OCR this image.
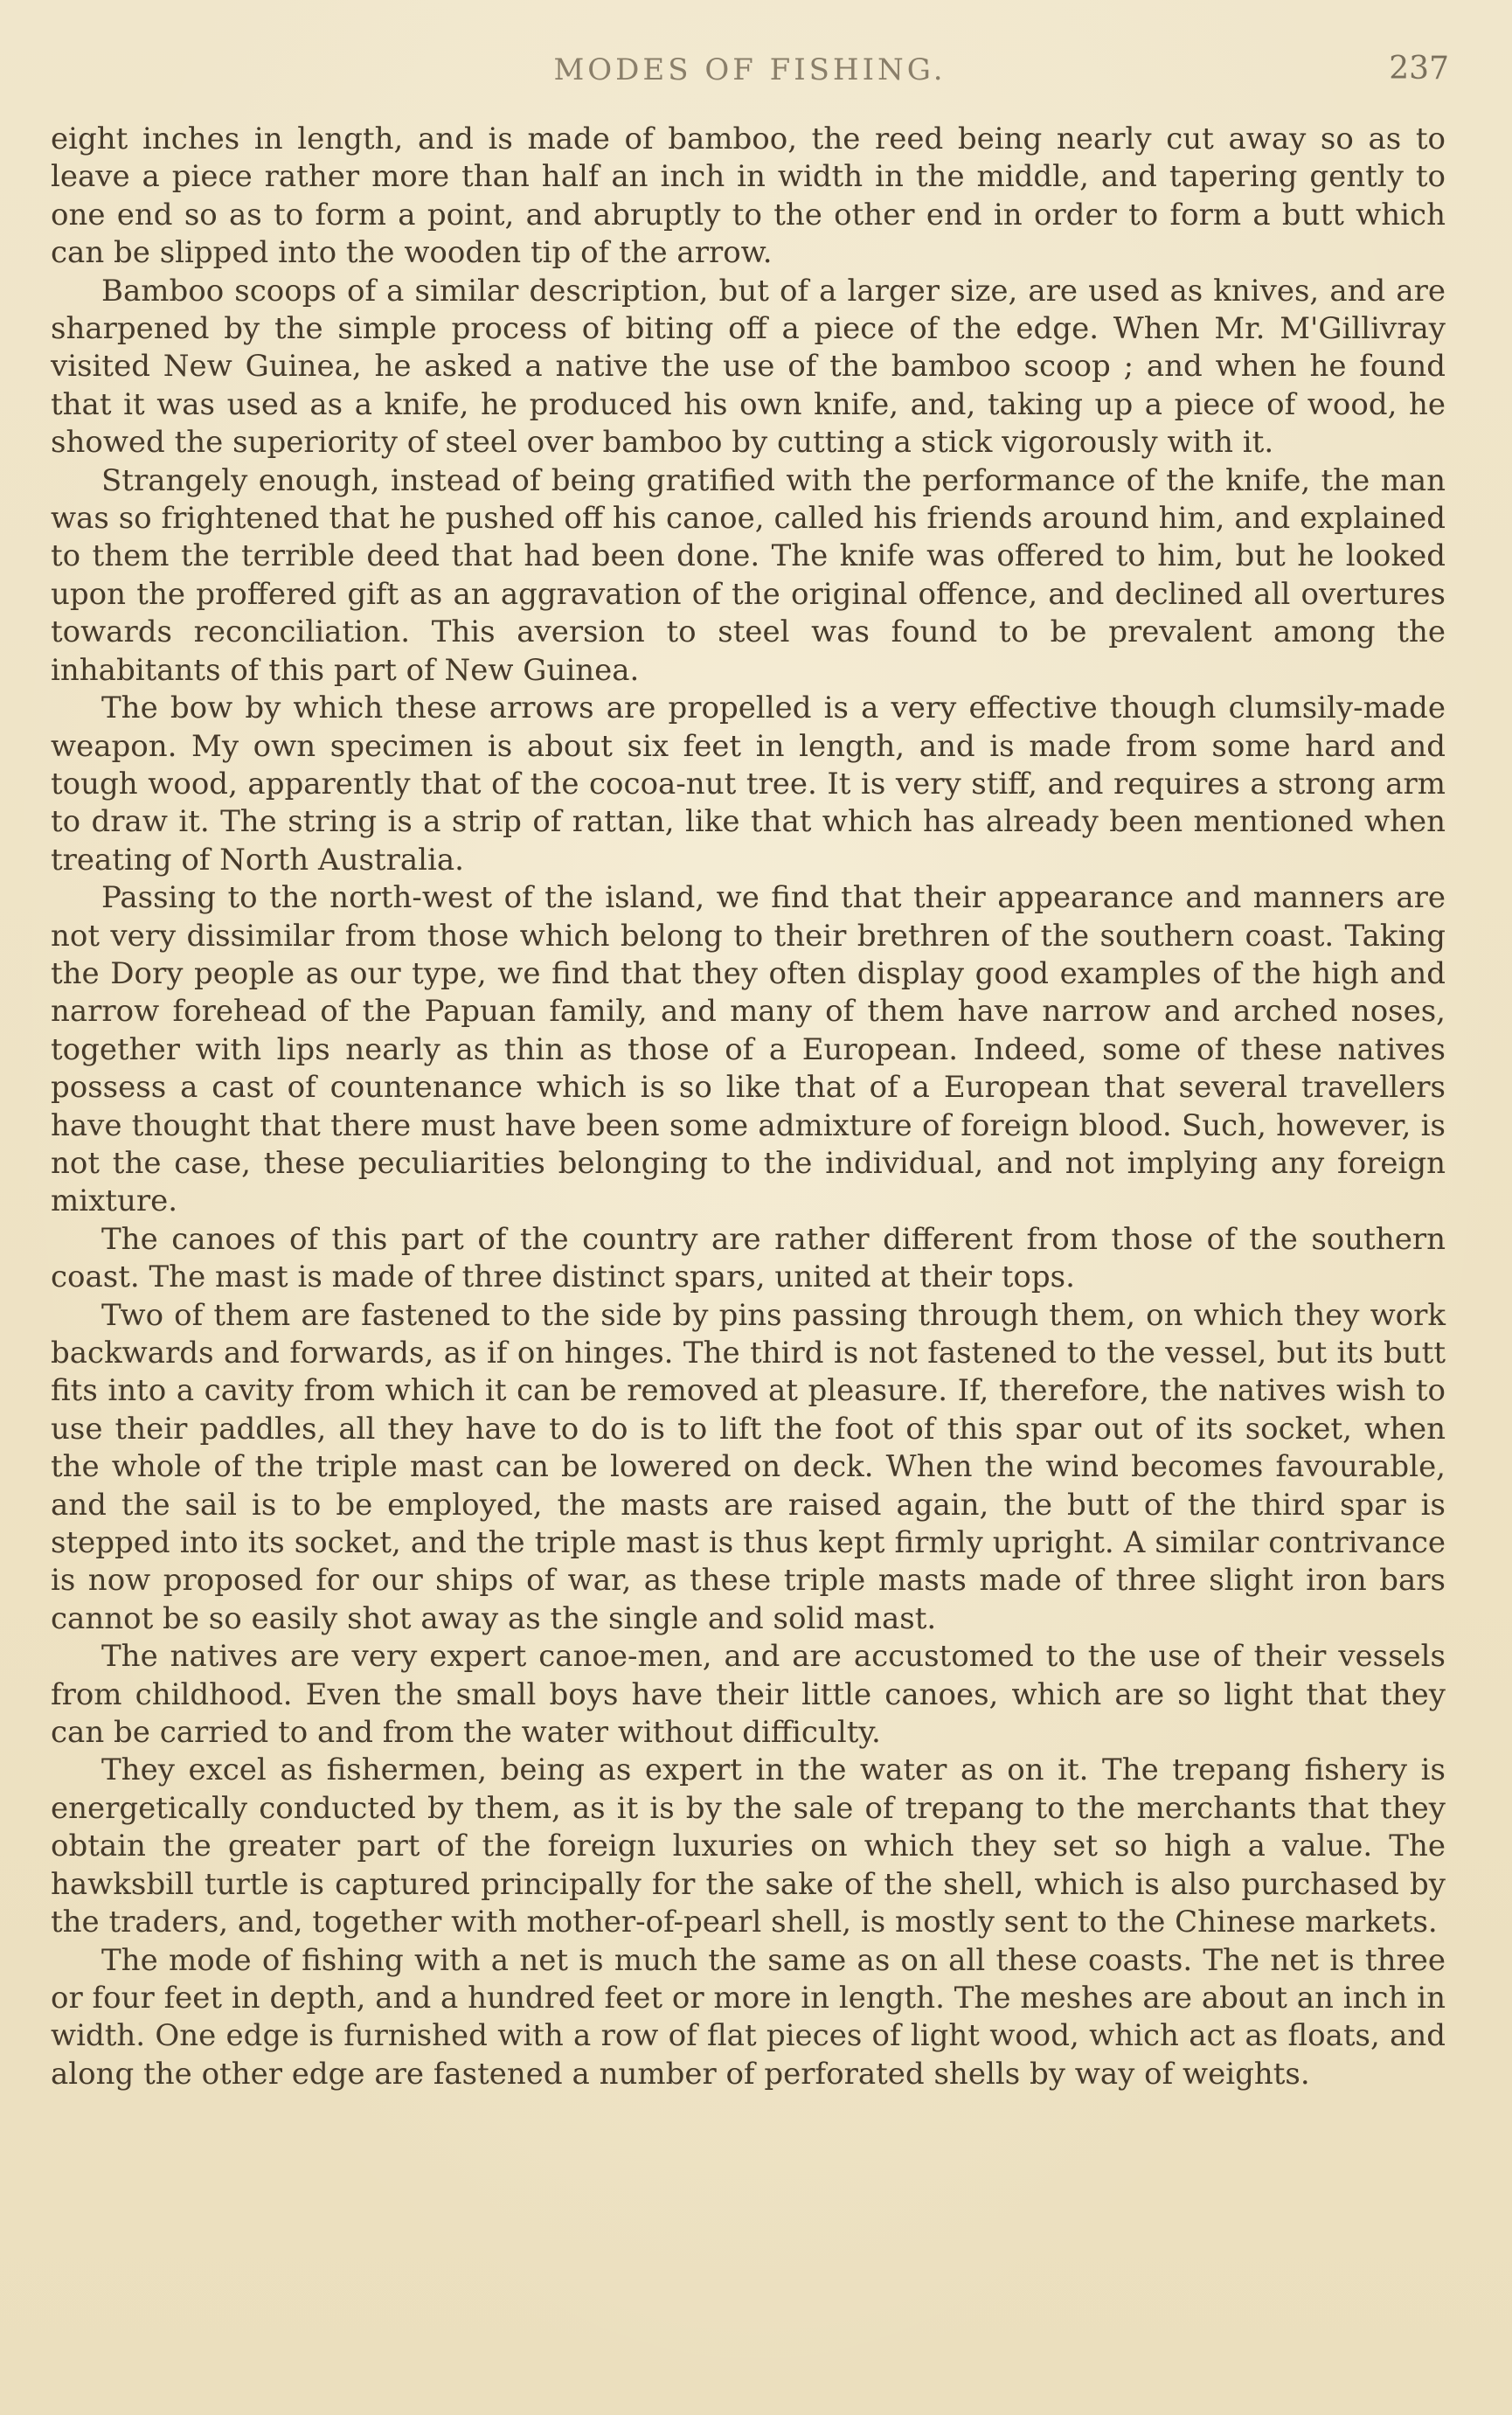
MODES OF FISHING.	237

eight inches in length, and is made of bamboo, the reed being nearly cut away so as to leave a piece rather more than half an inch in width in the middle, and tapering gently to one end so as to form a point, and abruptly to the other end in order to form a butt which can be slipped into the wooden tip of the arrow.

Bamboo scoops of a similar description, but of a larger size, are used as knives, and are sharpened by the simple process of biting off a piece of the edge. When Mr. M'Gillivray visited New Guinea, he asked a native the use of the bamboo scoop ; and when he found that it was used as a knife, he produced his own knife, and, taking up a piece of wood, he showed the superiority of steel over bamboo by cutting a stick vigorously with it.

Strangely enough, instead of being gratified with the performance of the knife, the man was so frightened that he pushed off his canoe, called his friends around him, and explained to them the terrible deed that had been done. The knife was offered to him, but he looked upon the proffered gift as an aggravation of the original offence, and declined all overtures towards reconciliation. This aversion to steel was found to be prevalent among the inhabitants of this part of New Guinea.

The bow by which these arrows are propelled is a very effective though clumsily-made weapon. My own specimen is about six feet in length, and is made from some hard and tough wood, apparently that of the cocoa-nut tree. It is very stiff, and requires a strong arm to draw it. The string is a strip of rattan, like that which has already been mentioned when treating of North Australia.

Passing to the north-west of the island, we find that their appearance and manners are not very dissimilar from those which belong to their brethren of the southern coast. Taking the Dory people as our type, we find that they often display good examples of the high and narrow forehead of the Papuan family, and many of them have narrow and arched noses, together with lips nearly as thin as those of a European. Indeed, some of these natives possess a cast of countenance which is so like that of a European that several travellers have thought that there must have been some admixture of foreign blood. Such, however, is not the case, these peculiarities belonging to the individual, and not implying any foreign mixture.

The canoes of this part of the country are rather different from those of the southern coast. The mast is made of three distinct spars, united at their tops.

Two of them are fastened to the side by pins passing through them, on which they work backwards and forwards, as if on hinges. The third is not fastened to the vessel, but its butt fits into a cavity from which it can be removed at pleasure. If, therefore, the natives wish to use their paddles, all they have to do is to lift the foot of this spar out of its socket, when the whole of the triple mast can be lowered on deck. When the wind becomes favourable, and the sail is to be employed, the masts are raised again, the butt of the third spar is stepped into its socket, and the triple mast is thus kept firmly upright. A similar contrivance is now proposed for our ships of war, as these triple masts made of three slight iron bars cannot be so easily shot away as the single and solid mast.

The natives are very expert canoe-men, and are accustomed to the use of their vessels from childhood. Even the small boys have their little canoes, which are so light that they can be carried to and from the water without difficulty.

They excel as fishermen, being as expert in the water as on it. The trepang fishery is energetically conducted by them, as it is by the sale of trepang to the merchants that they obtain the greater part of the foreign luxuries on which they set so high a value. The hawksbill turtle is captured principally for the sake of the shell, which is also purchased by the traders, and, together with mother-of-pearl shell, is mostly sent to the Chinese markets.

The mode of fishing with a net is much the same as on all these coasts. The net is three or four feet in depth, and a hundred feet or more in length. The meshes are about an inch in width. One edge is furnished with a row of flat pieces of light wood, which act as floats, and along the other edge are fastened a number of perforated shells by way of weights.
